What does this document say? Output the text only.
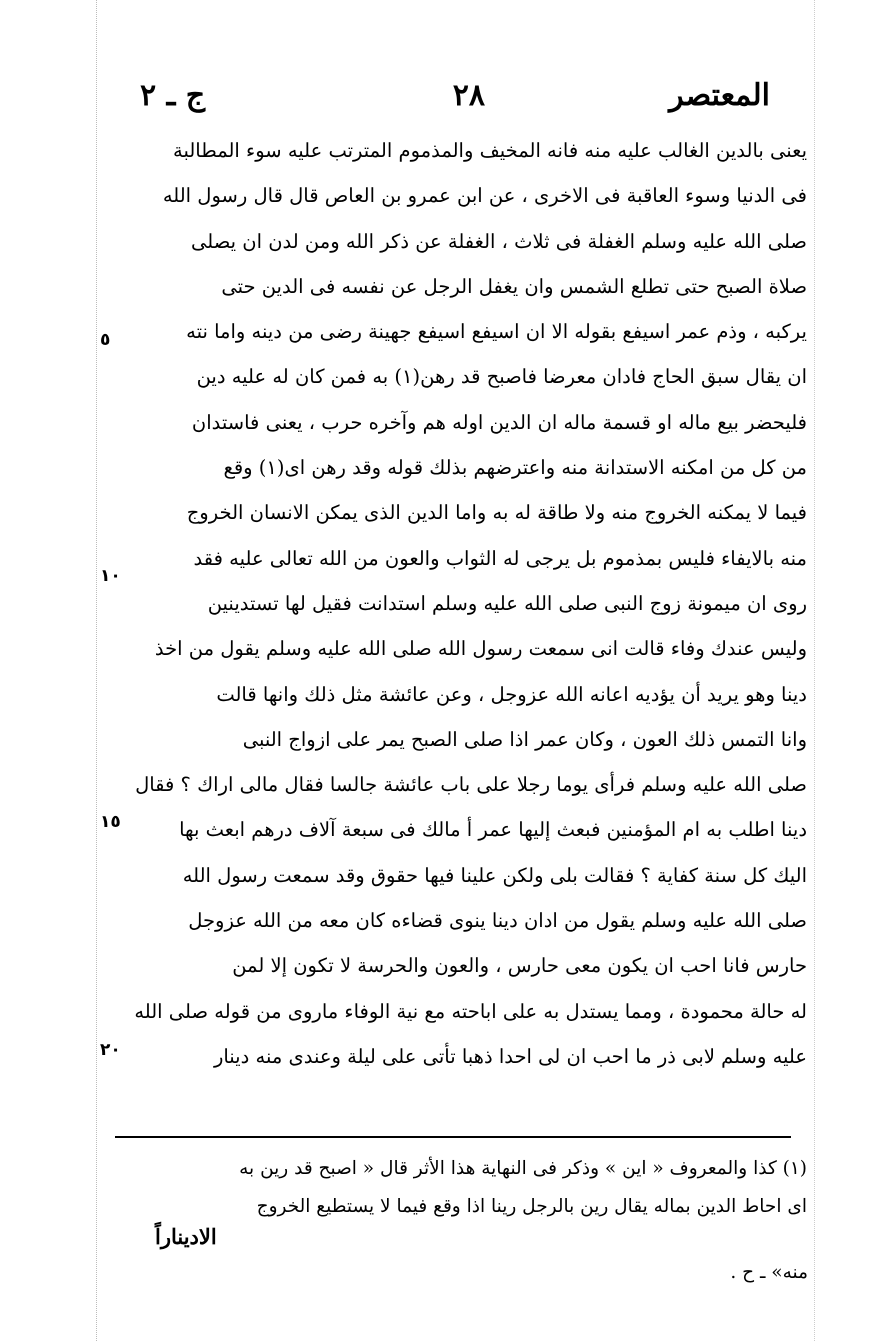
المعتصر
٢٨
ج ـ ٢
يعنى بالدين الغالب عليه منه فانه المخيف والمذموم المترتب عليه سوء المطالبة
فى الدنيا وسوء العاقبة فى الاخرى ، عن ابن عمرو بن العاص قال قال رسول الله
صلى الله عليه وسلم الغفلة فى ثلاث ، الغفلة عن ذكر الله ومن لدن ان يصلى
صلاة الصبح حتى تطلع الشمس وان يغفل الرجل عن نفسه فى الدين حتى
يركبه ، وذم عمر اسيفع بقوله الا ان اسيفع اسيفع جهينة رضى من دينه واما نته
ان يقال سبق الحاج فادان معرضا فاصبح قد رهن(١) به فمن كان له عليه دين
فليحضر بيع ماله او قسمة ماله ان الدين اوله هم وآخره حرب ، يعنى فاستدان
من كل من امكنه الاستدانة منه واعترضهم بذلك قوله وقد رهن اى(١) وقع
فيما لا يمكنه الخروج منه ولا طاقة له به واما الدين الذى يمكن الانسان الخروج
منه بالايفاء فليس بمذموم بل يرجى له الثواب والعون من الله تعالى عليه فقد
روى ان ميمونة زوج النبى صلى الله عليه وسلم استدانت فقيل لها تستدينين
وليس عندك وفاء قالت انى سمعت رسول الله صلى الله عليه وسلم يقول من اخذ
دينا وهو يريد أن يؤديه اعانه الله عزوجل ، وعن عائشة مثل ذلك وانها قالت
وانا التمس ذلك العون ، وكان عمر اذا صلى الصبح يمر على ازواج النبى
صلى الله عليه وسلم فرأى يوما رجلا على باب عائشة جالسا فقال مالى اراك ؟ فقال
دينا اطلب به ام المؤمنين فبعث إليها عمر أ مالك فى سبعة آلاف درهم ابعث بها
اليك كل سنة كفاية ؟ فقالت بلى ولكن علينا فيها حقوق وقد سمعت رسول الله
صلى الله عليه وسلم يقول من ادان دينا ينوى قضاءه كان معه من الله عزوجل
حارس فانا احب ان يكون معى حارس ، والعون والحرسة لا تكون إلا لمن
له حالة محمودة ، ومما يستدل به على اباحته مع نية الوفاء ماروى من قوله صلى الله
عليه وسلم لابى ذر ما احب ان لى احدا ذهبا تأتى على ليلة وعندى منه دينار
٥
١٠
١٥
٢٠
(١) كذا والمعروف « اين » وذكر فى النهاية هذا الأثر قال « اصبح قد رين به
اى احاط الدين بماله يقال رين بالرجل رينا اذا وقع فيما لا يستطيع الخروج
الاديناراً
منه» ـ ح .
